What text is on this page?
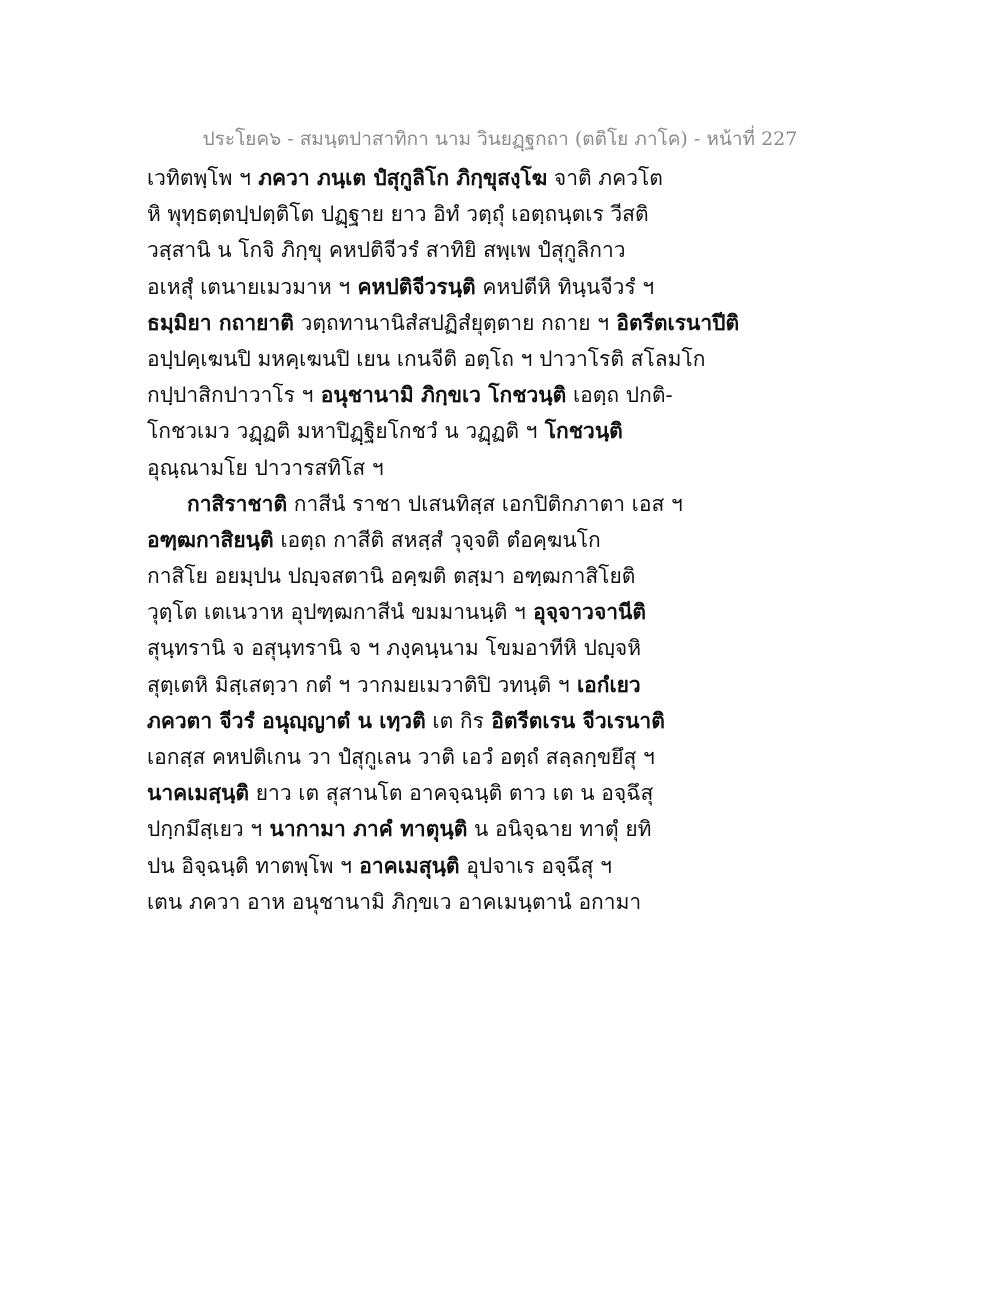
ประโยค๖ - สมนฺตปาสาทิกา นาม วินยฏฺฐกถา (ตติโย ภาโค) - หน้าที่ 227
เวทิตพฺโพ ฯ ภควา ภนฺเต ปํสุกูลิโก ภิกฺขุสงฺโฆ จาติ ภควโต
หิ พุทฺธตฺตปฺปตฺติโต ปฏฺฐาย ยาว อิทํ วตฺถุํ เอตฺถนฺตเร วีสติ
วสฺสานิ น โกจิ ภิกฺขุ คหปติจีวรํ สาทิยิ สพฺเพ ปํสุกูลิกาว
อเหสุํ เตนายเมวมาห ฯ คหปติจีวรนฺติ คหปตีหิ ทินฺนจีวรํ ฯ
ธมฺมิยา กถายาติ วตฺถทานานิสํสปฏิสํยุตฺตาย กถาย ฯ อิตรีตเรนาปีติ
อปฺปคฺเฆนปิ มหคฺเฆนปิ เยน เกนจีติ อตฺโถ ฯ ปาวาโรติ สโลมโก
กปฺปาสิกปาวาโร ฯ อนุชานามิ ภิกฺขเว โกชวนฺติ เอตฺถ ปกติ-
โกชวเมว วฏฺฏติ มหาปิฏฺฐิยโกชวํ น วฏฺฏติ ฯ โกชวนฺติ
อุณฺณามโย ปาวารสทิโส ฯ
กาสิราชาติ กาสีนํ ราชา ปเสนทิสฺส เอกปิติกภาตา เอส ฯ
อฑฺฒกาสิยนฺติ เอตฺถ กาสีติ สหสฺสํ วุจฺจติ ตํอคฺฆนโก
กาสิโย อยมฺปน ปญฺจสตานิ อคฺฆติ ตสฺมา อฑฺฒกาสิโยติ
วุตฺโต เตเนวาห อุปฑฺฒกาสีนํ ขมมานนฺติ ฯ อุจฺจาวจานีติ
สุนฺทรานิ จ อสุนฺทรานิ จ ฯ ภงฺคนฺนาม โขมอาทีหิ ปญฺจหิ
สุตฺเตหิ มิสฺเสตฺวา กตํ ฯ วากมยเมวาติปิ วทนฺติ ฯ เอกํเยว
ภควตา จีวรํ อนุญฺญาตํ น เทฺวติ เต กิร อิตรีตเรน จีวเรนาติ
เอกสฺส คหปติเกน วา ปํสุกูเลน วาติ เอวํ อตฺถํ สลฺลกฺขยึสุ ฯ
นาคเมสฺนฺติ ยาว เต สุสานโต อาคจฺฉนฺติ ตาว เต น อจฺฉึสุ
ปกฺกมึสฺเยว ฯ นากามา ภาคํ ทาตุนฺติ น อนิจฺฉาย ทาตุํ ยทิ
ปน อิจฺฉนฺติ ทาตพฺโพ ฯ อาคเมสุนฺติ อุปจาเร อจฺฉึสุ ฯ
เตน ภควา อาห อนุชานามิ ภิกฺขเว อาคเมนฺตานํ อกามา
